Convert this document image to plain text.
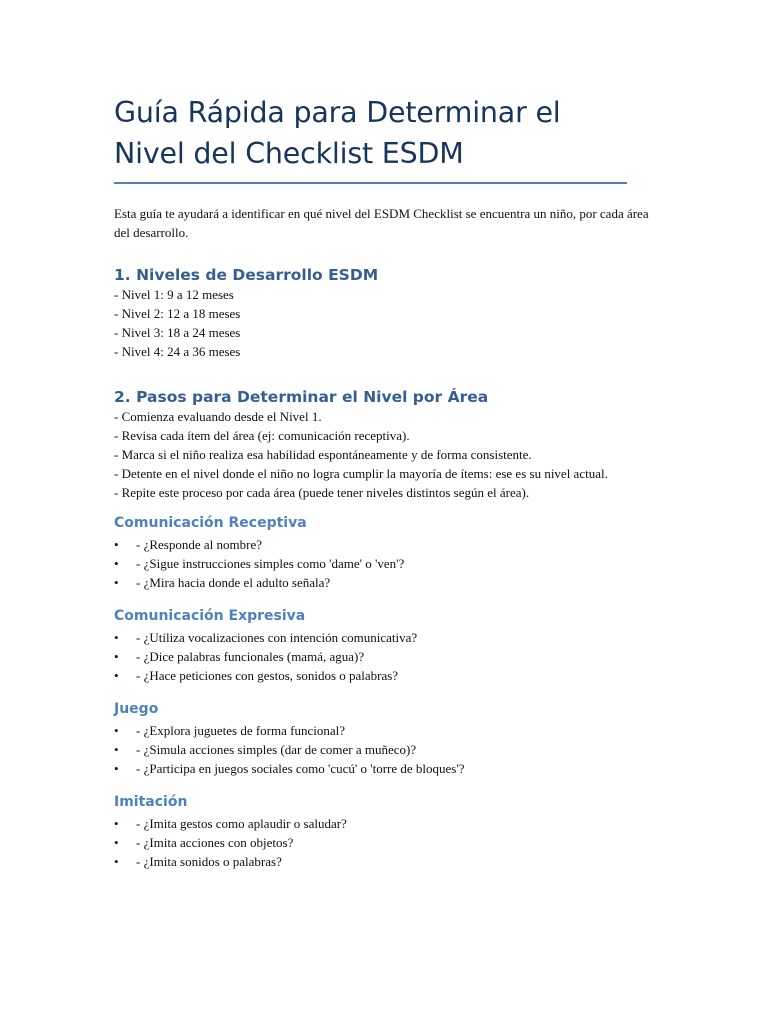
Guía Rápida para Determinar el Nivel del Checklist ESDM
Esta guía te ayudará a identificar en qué nivel del ESDM Checklist se encuentra un niño, por cada área del desarrollo.
1. Niveles de Desarrollo ESDM
- Nivel 1: 9 a 12 meses
- Nivel 2: 12 a 18 meses
- Nivel 3: 18 a 24 meses
- Nivel 4: 24 a 36 meses
2. Pasos para Determinar el Nivel por Área
- Comienza evaluando desde el Nivel 1.
- Revisa cada ítem del área (ej: comunicación receptiva).
- Marca si el niño realiza esa habilidad espontáneamente y de forma consistente.
- Detente en el nivel donde el niño no logra cumplir la mayoría de ítems: ese es su nivel actual.
- Repite este proceso por cada área (puede tener niveles distintos según el área).
Comunicación Receptiva
•	- ¿Responde al nombre?
•	- ¿Sigue instrucciones simples como 'dame' o 'ven'?
•	- ¿Mira hacia donde el adulto señala?
Comunicación Expresiva
•	- ¿Utiliza vocalizaciones con intención comunicativa?
•	- ¿Dice palabras funcionales (mamá, agua)?
•	- ¿Hace peticiones con gestos, sonidos o palabras?
Juego
•	- ¿Explora juguetes de forma funcional?
•	- ¿Simula acciones simples (dar de comer a muñeco)?
•	- ¿Participa en juegos sociales como 'cucú' o 'torre de bloques'?
Imitación
•	- ¿Imita gestos como aplaudir o saludar?
•	- ¿Imita acciones con objetos?
•	- ¿Imita sonidos o palabras?
